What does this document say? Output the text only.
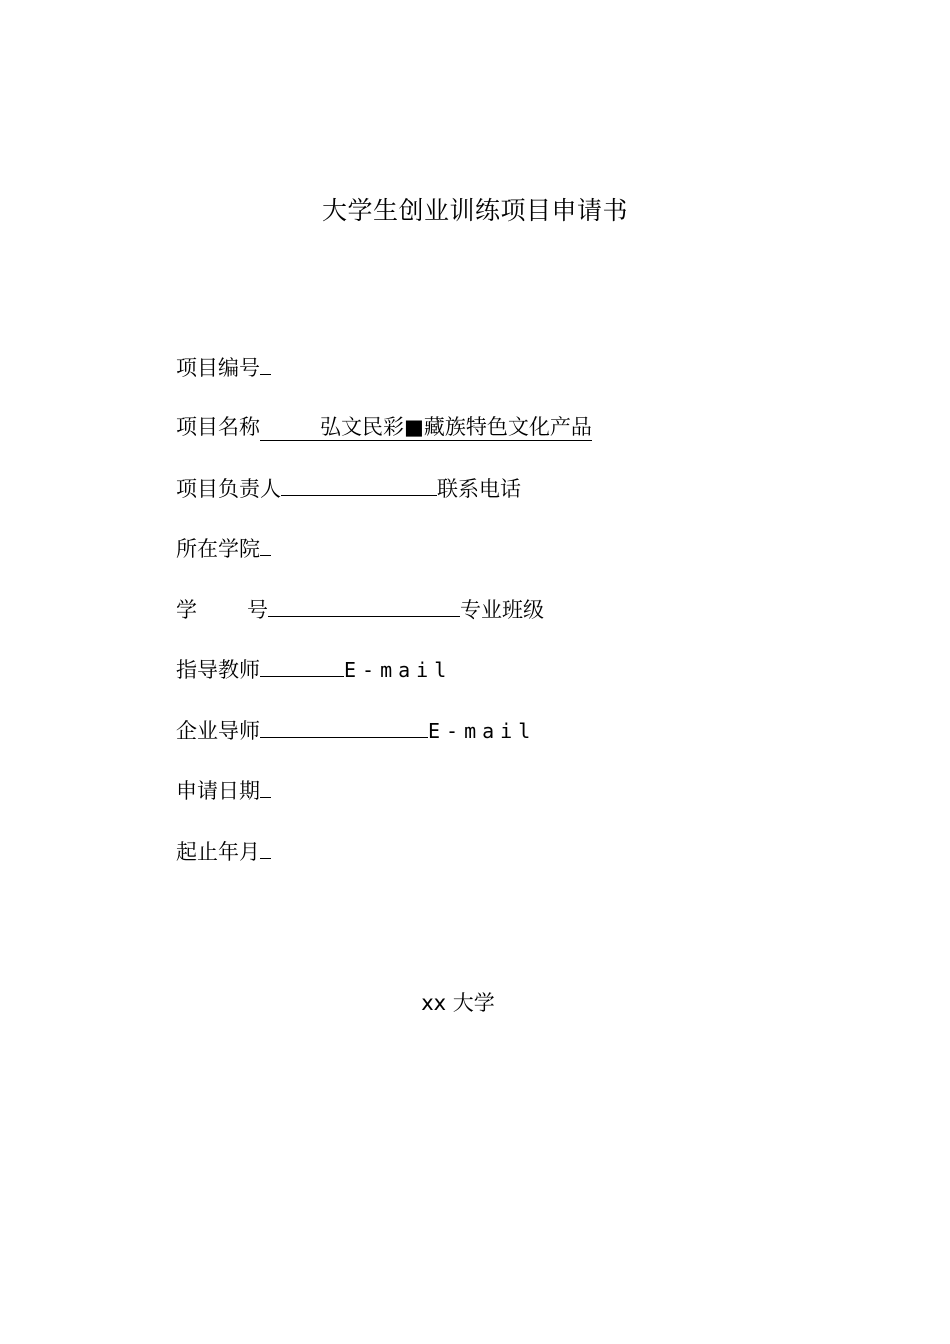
大学生创业训练项目申请书
项目编号
项目名称	弘文民彩■藏族特色文化产品
项目负责人	联系电话
所在学院
学 号	专业班级
指导教师	E-mail
企业导师	E-mail
申请日期
起止年月
xx 大学
